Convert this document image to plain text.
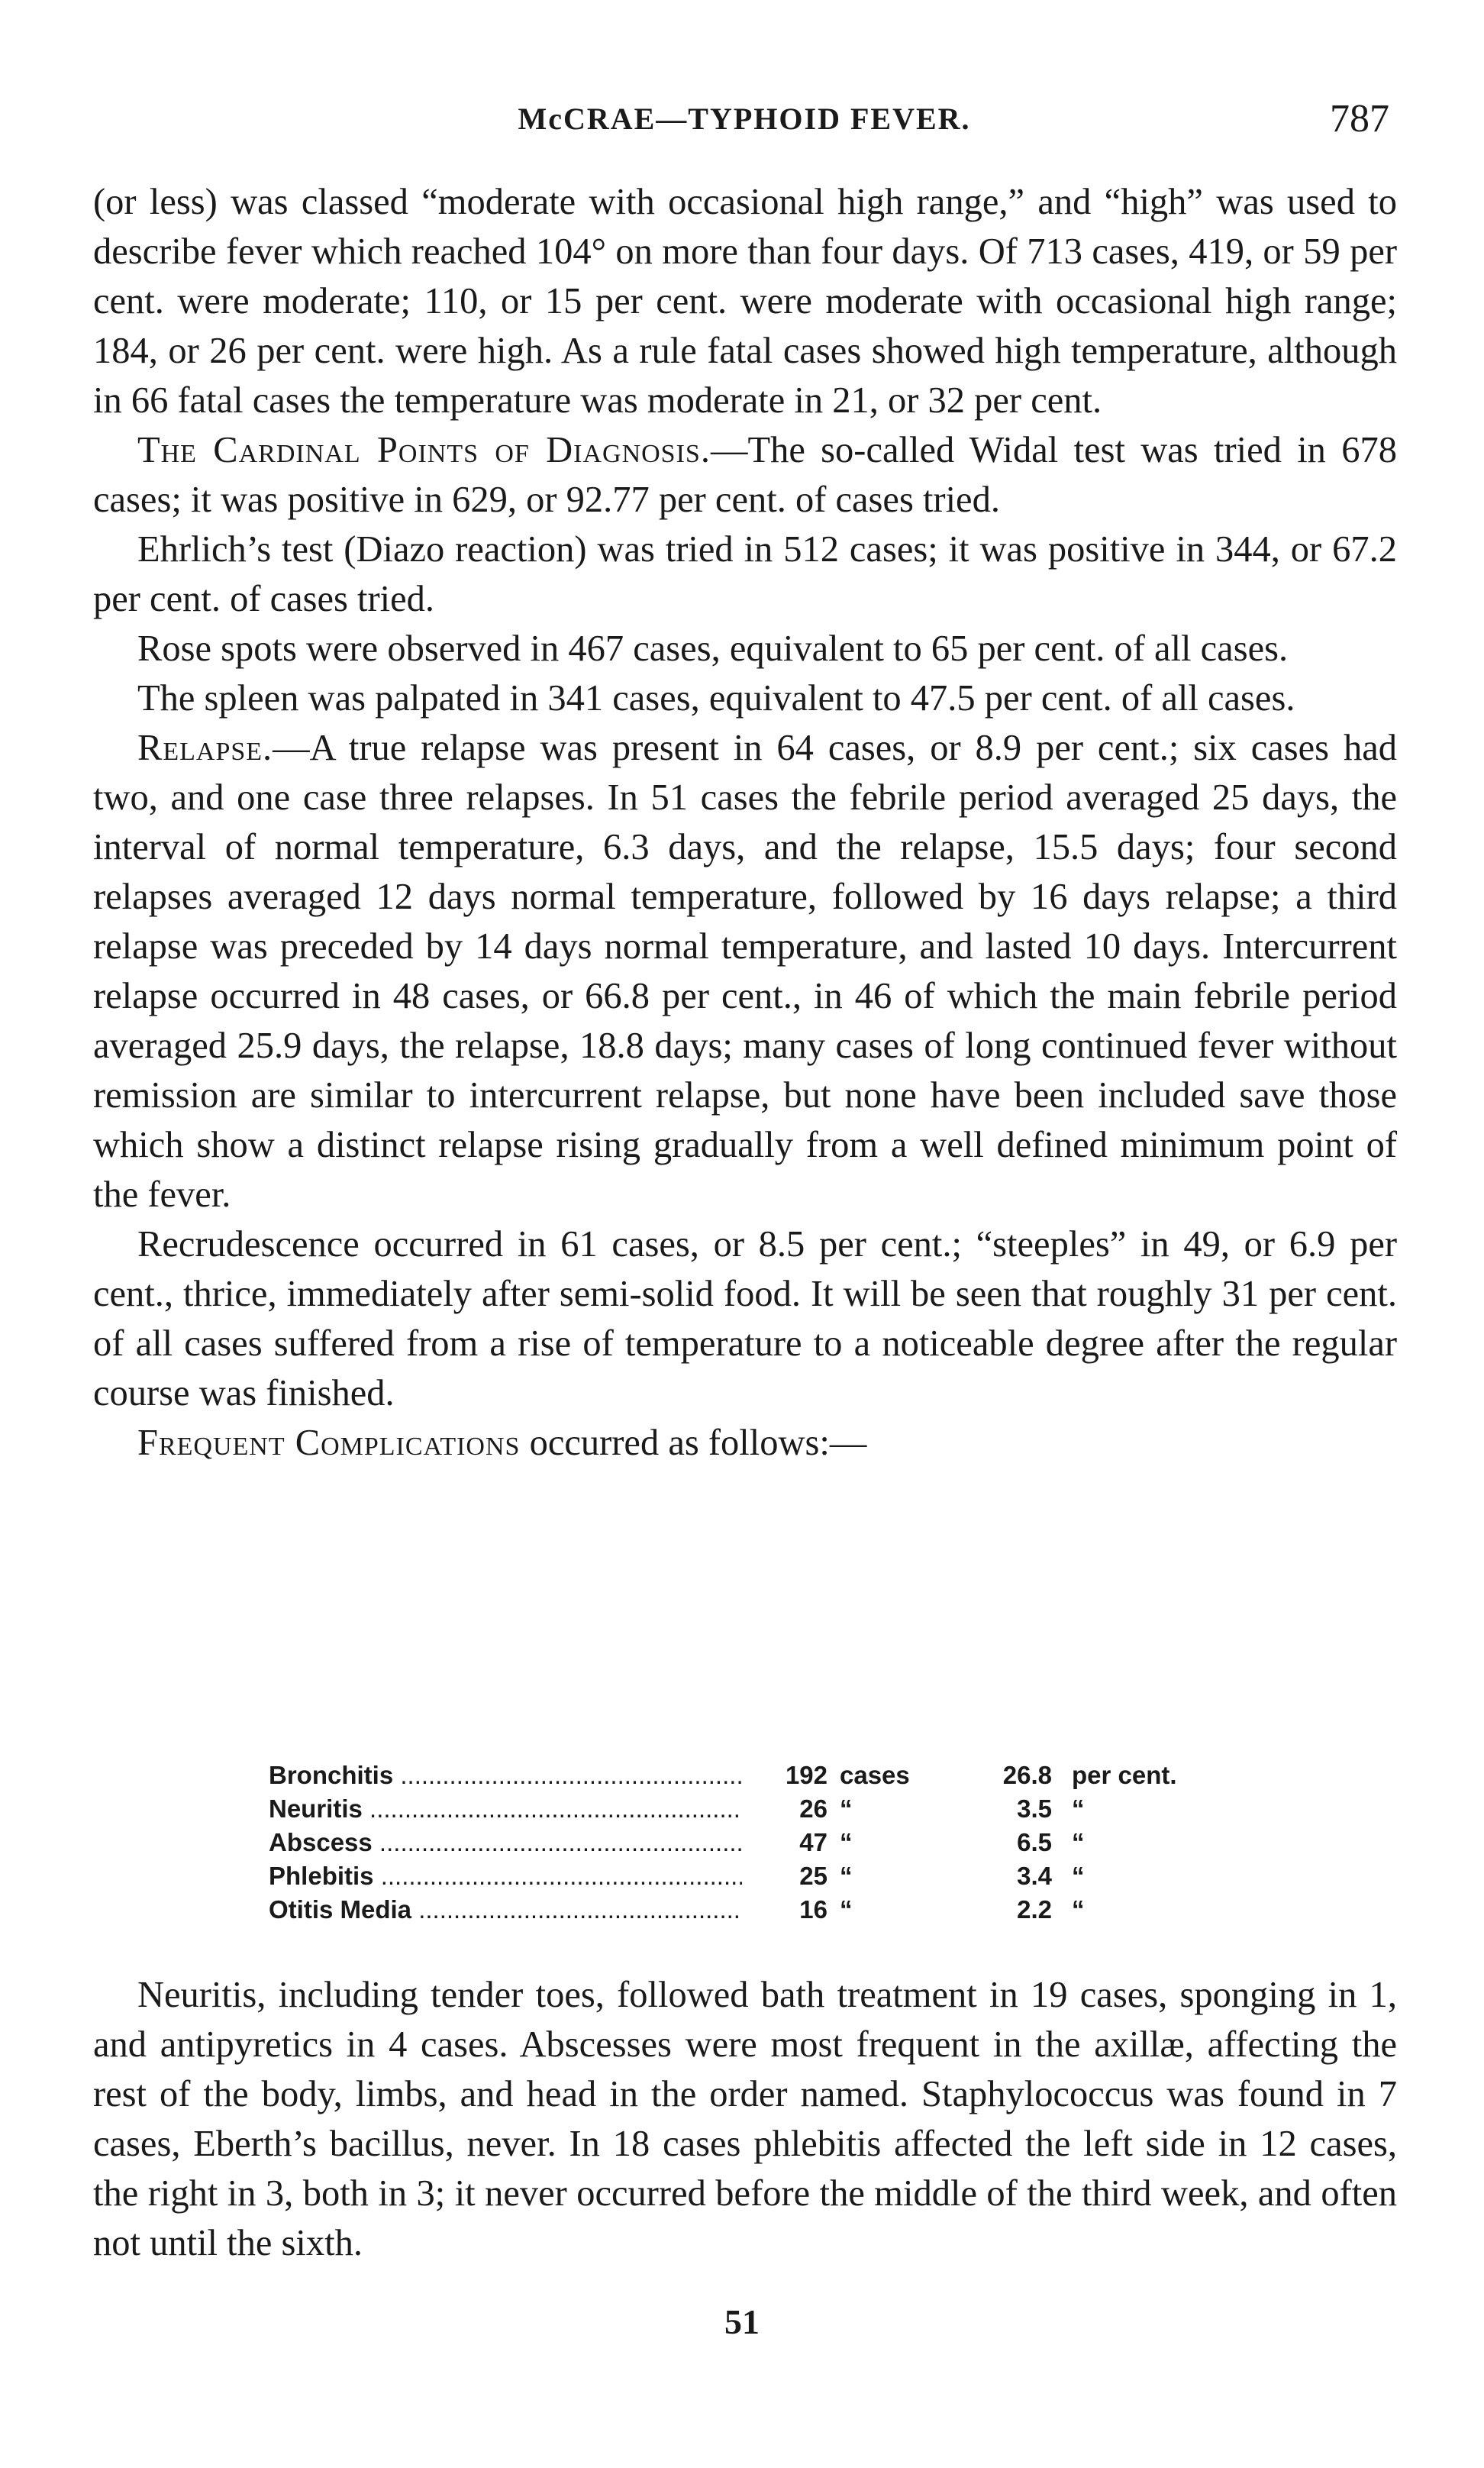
McCRAE—TYPHOID FEVER.	787

(or less) was classed “moderate with occasional high range,” and “high” was used to describe fever which reached 104° on more than four days. Of 713 cases, 419, or 59 per cent. were moderate; 110, or 15 per cent. were moderate with occasional high range; 184, or 26 per cent. were high. As a rule fatal cases showed high temperature, although in 66 fatal cases the temperature was moderate in 21, or 32 per cent.

The Cardinal Points of Diagnosis.—The so-called Widal test was tried in 678 cases; it was positive in 629, or 92.77 per cent. of cases tried.

Ehrlich’s test (Diazo reaction) was tried in 512 cases; it was positive in 344, or 67.2 per cent. of cases tried.

Rose spots were observed in 467 cases, equivalent to 65 per cent. of all cases.

The spleen was palpated in 341 cases, equivalent to 47.5 per cent. of all cases.

Relapse.—A true relapse was present in 64 cases, or 8.9 per cent.; six cases had two, and one case three relapses. In 51 cases the febrile period averaged 25 days, the interval of normal temperature, 6.3 days, and the relapse, 15.5 days; four second relapses averaged 12 days normal temperature, followed by 16 days relapse; a third relapse was preceded by 14 days normal temperature, and lasted 10 days. Intercurrent relapse occurred in 48 cases, or 66.8 per cent., in 46 of which the main febrile period averaged 25.9 days, the relapse, 18.8 days; many cases of long continued fever without remission are similar to intercurrent relapse, but none have been included save those which show a distinct relapse rising gradually from a well defined minimum point of the fever.

Recrudescence occurred in 61 cases, or 8.5 per cent.; “steeples” in 49, or 6.9 per cent., thrice, immediately after semi-solid food. It will be seen that roughly 31 per cent. of all cases suffered from a rise of temperature to a noticeable degree after the regular course was finished.

Frequent Complications occurred as follows:—

Bronchitis .....	192 cases	26.8 per cent.
Neuritis .....	26 “	3.5 “
Abscess .....	47 “	6.5 “
Phlebitis .....	25 “	3.4 “
Otitis Media .....	16 “	2.2 “

Neuritis, including tender toes, followed bath treatment in 19 cases, sponging in 1, and antipyretics in 4 cases. Abscesses were most frequent in the axillæ, affecting the rest of the body, limbs, and head in the order named. Staphylococcus was found in 7 cases, Eberth’s bacillus, never. In 18 cases phlebitis affected the left side in 12 cases, the right in 3, both in 3; it never occurred before the middle of the third week, and often not until the sixth.

51
